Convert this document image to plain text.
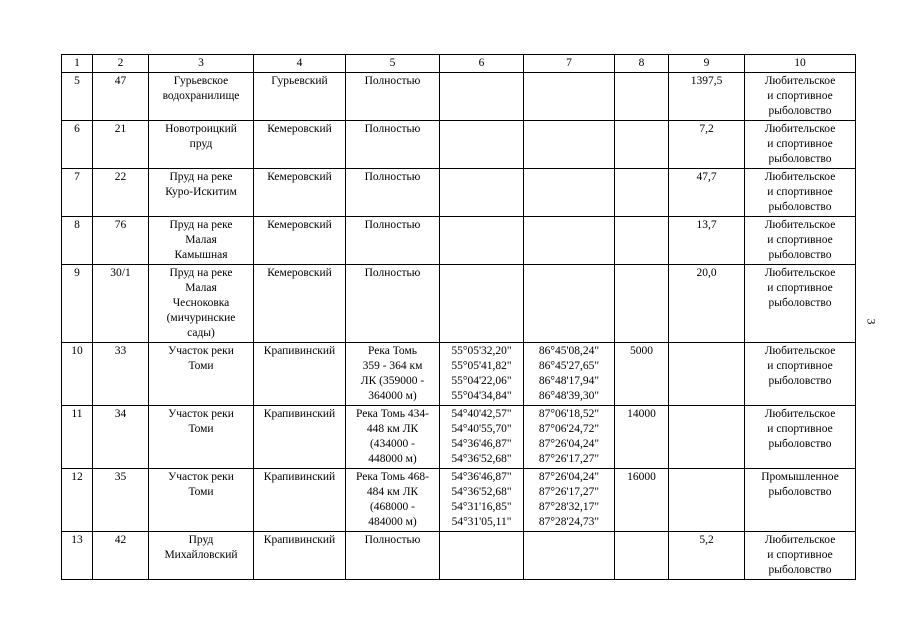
1	2	3	4	5	6	7	8	9	10
5	47	Гурьевское
водохранилище	Гурьевский	Полностью				1397,5	Любительское
и спортивное
рыболовство

6	21	Новотроицкий
пруд	Кемеровский	Полностью				7,2	Любительское
и спортивное
рыболовство

7	22	Пруд на реке
Куро-Искитим	Кемеровский	Полностью				47,7	Любительское
и спортивное
рыболовство

8	76	Пруд на реке
Малая
Камышная	Кемеровский	Полностью				13,7	Любительское
и спортивное
рыболовство

9	30/1	Пруд на реке
Малая
Чесноковка
(мичуринские
сады)	Кемеровский	Полностью				20,0	Любительское
и спортивное
рыболовство

10	33	Участок реки
Томи	Крапивинский	Река Томь
359 - 364 км
ЛК (359000 -
364000 м)	55°05'32,20"
55°05'41,82"
55°04'22,06"
55°04'34,84"	86°45'08,24"
86°45'27,65"
86°48'17,94"
86°48'39,30"	5000		Любительское
и спортивное
рыболовство

11	34	Участок реки
Томи	Крапивинский	Река Томь 434-
448 км ЛК
(434000 -
448000 м)	54°40'42,57"
54°40'55,70"
54°36'46,87"
54°36'52,68"	87°06'18,52"
87°06'24,72"
87°26'04,24"
87°26'17,27"	14000		Любительское
и спортивное
рыболовство

12	35	Участок реки
Томи	Крапивинский	Река Томь 468-
484 км ЛК
(468000 -
484000 м)	54°36'46,87"
54°36'52,68"
54°31'16,85"
54°31'05,11"	87°26'04,24"
87°26'17,27"
87°28'32,17"
87°28'24,73"	16000		Промышленное
рыболовство

13	42	Пруд
Михайловский	Крапивинский	Полностью				5,2	Любительское
и спортивное
рыболовство
3
